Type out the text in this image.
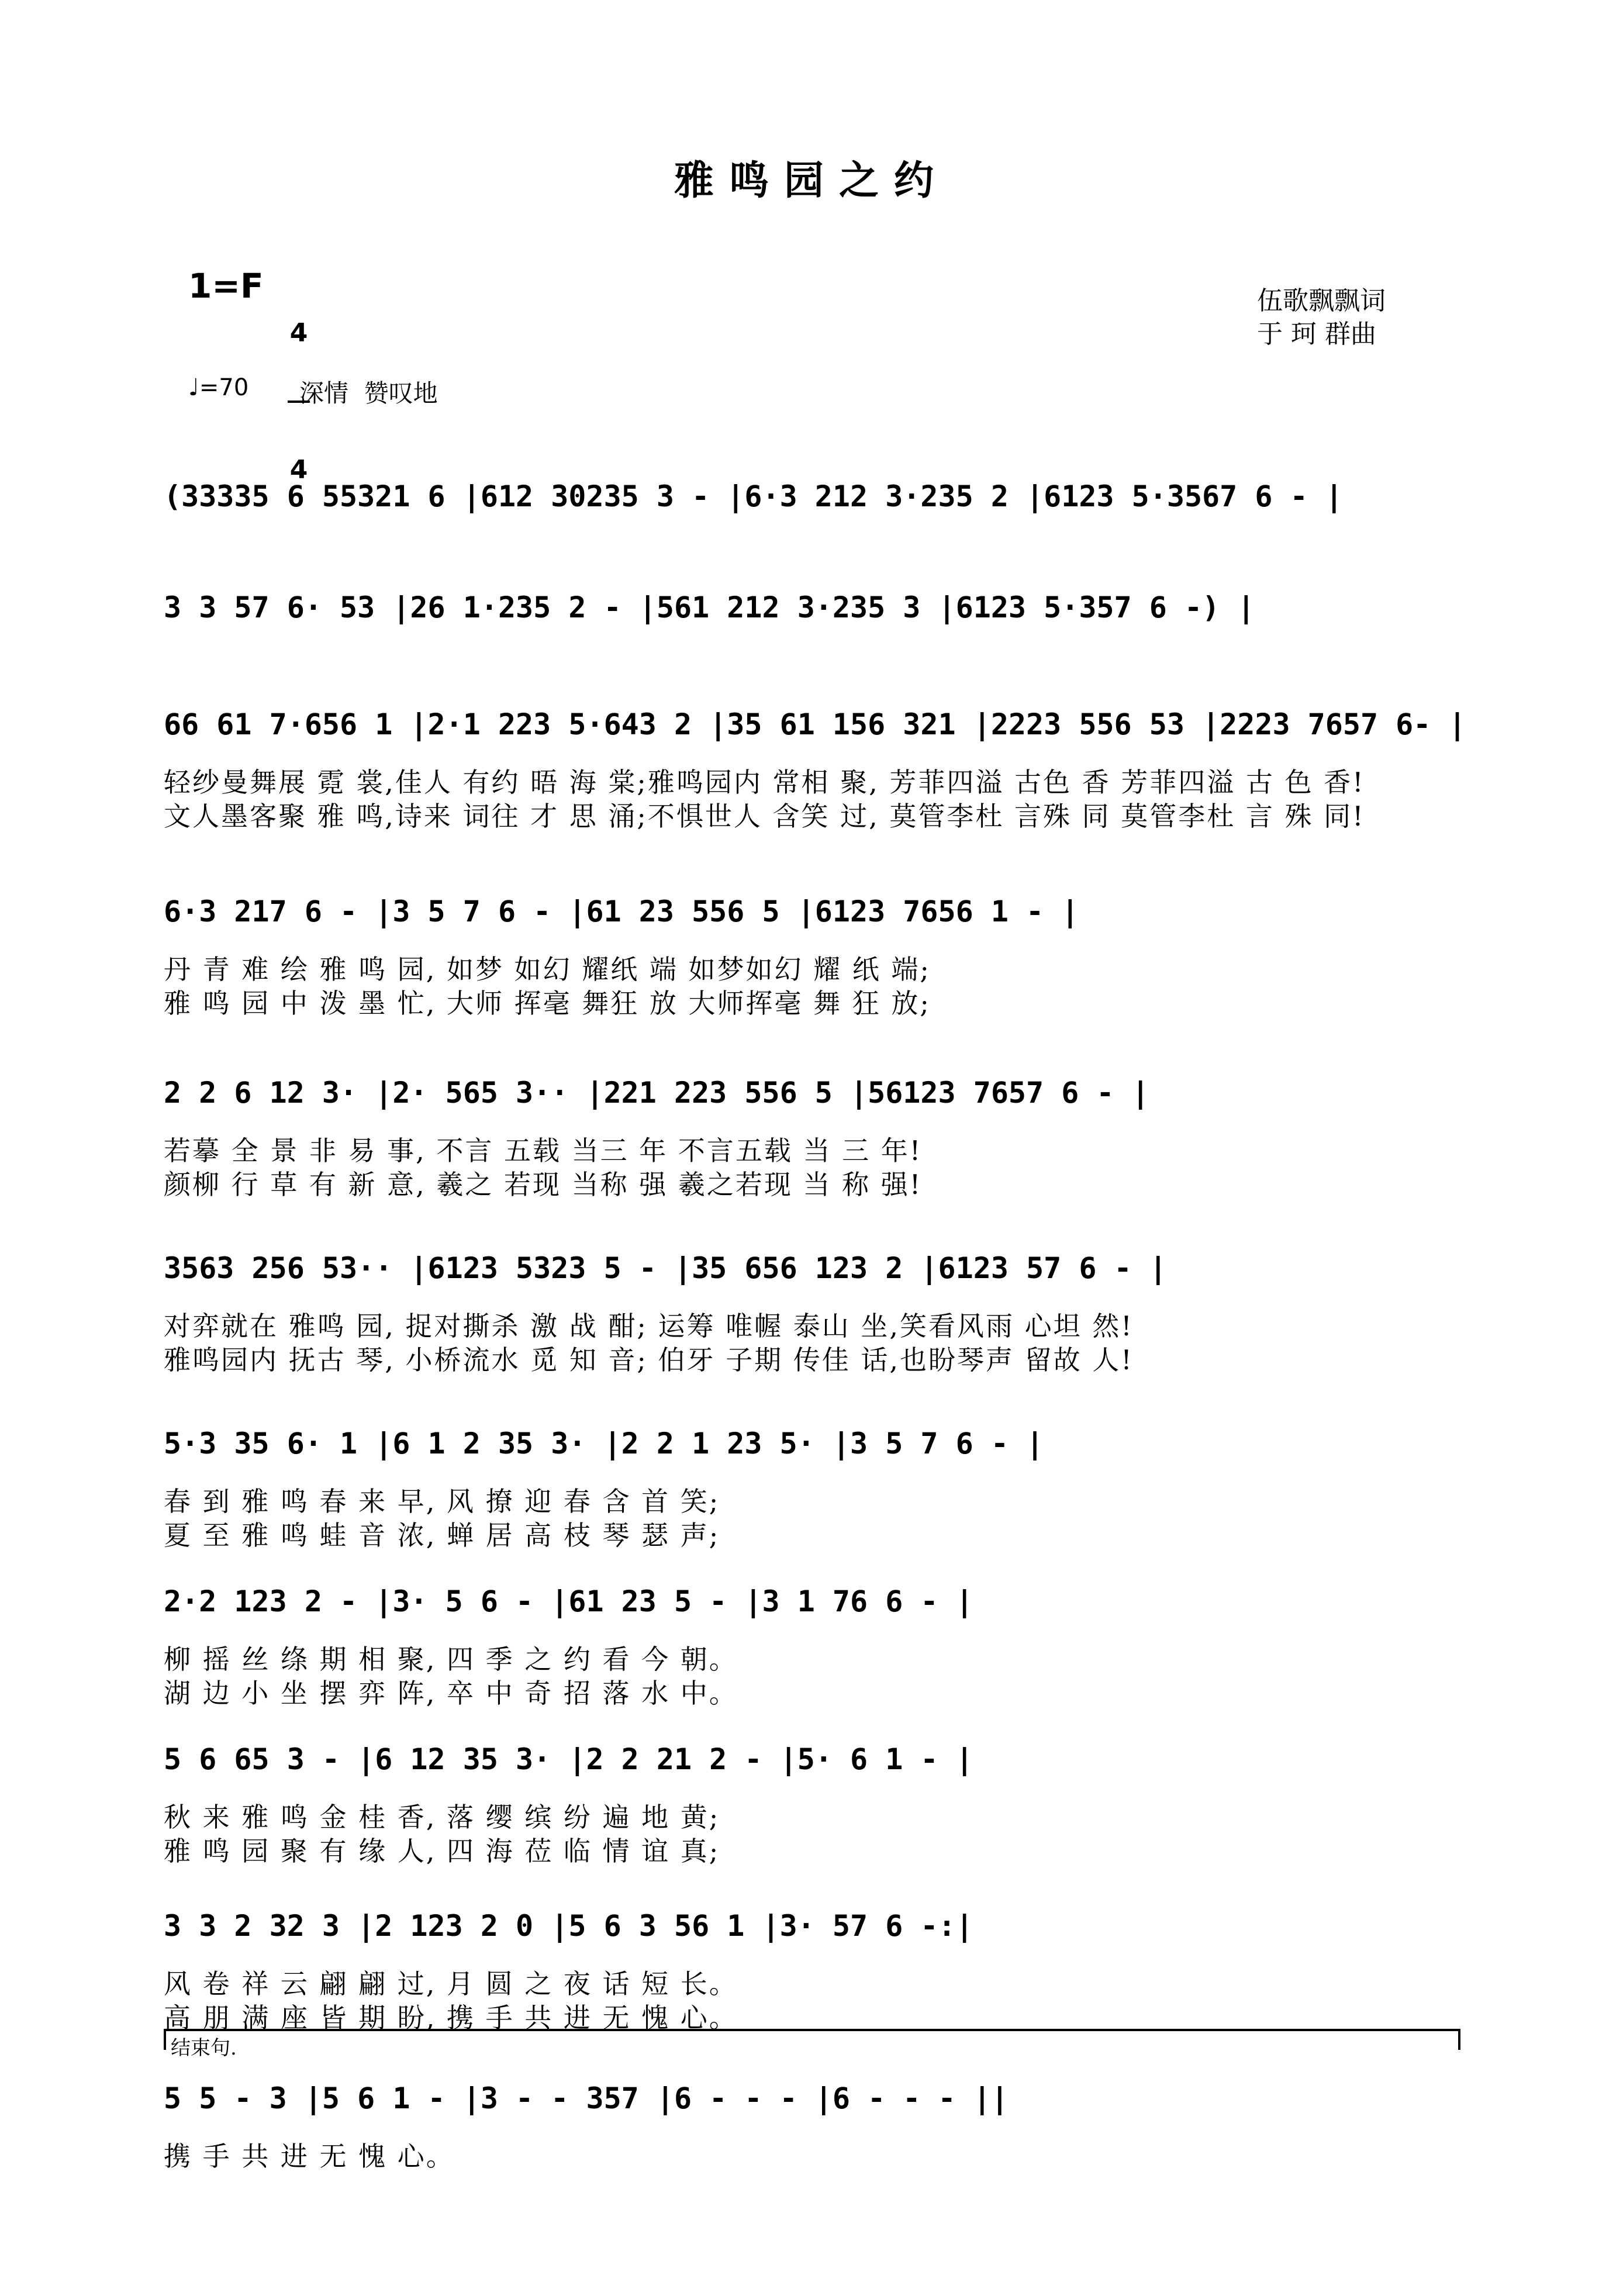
雅鸣园之约
1=F

4

4

伍歌飘飘词
于 珂 群曲
♩=70 深情  赞叹地
(33335 6 55321 6 |612 30235 3 - |6·3 212 3·235 2 |6123 5·3567 6 - |
3 3 57 6· 53 |26 1·235 2 - |561 212 3·235 3 |6123 5·357 6 -) |
66 61 7·656 1 |2·1 223 5·643 2 |35 61 156 321 |2223 556 53 |2223 7657 6- |
轻纱曼舞展 霓 裳,佳人 有约 晤 海 棠;雅鸣园内 常相 聚, 芳菲四溢 古色 香 芳菲四溢 古 色 香!
文人墨客聚 雅 鸣,诗来 词往 才 思 涌;不惧世人 含笑 过, 莫管李杜 言殊 同 莫管李杜 言 殊 同!
6·3 217 6 - |3 5 7 6 - |61 23 556 5 |6123 7656 1 - |
丹 青 难 绘 雅 鸣 园, 如梦 如幻 耀纸 端 如梦如幻 耀 纸 端;
雅 鸣 园 中 泼 墨 忙, 大师 挥毫 舞狂 放 大师挥毫 舞 狂 放;
2 2 6 12 3· |2· 565 3·· |221 223 556 5 |56123 7657 6 - |
若摹 全 景 非 易 事, 不言 五载 当三 年 不言五载 当 三 年!
颜柳 行 草 有 新 意, 羲之 若现 当称 强 羲之若现 当 称 强!
3563 256 53·· |6123 5323 5 - |35 656 123 2 |6123 57 6 - |
对弈就在 雅鸣 园, 捉对撕杀 激 战 酣; 运筹 唯幄 泰山 坐,笑看风雨 心坦 然!
雅鸣园内 抚古 琴, 小桥流水 觅 知 音; 伯牙 子期 传佳 话,也盼琴声 留故 人!
5·3 35 6· 1 |6 1 2 35 3· |2 2 1 23 5· |3 5 7 6 - |
春 到 雅 鸣 春 来 早, 风 撩 迎 春 含 首 笑;
夏 至 雅 鸣 蛙 音 浓, 蝉 居 高 枝 琴 瑟 声;
2·2 123 2 - |3· 5 6 - |61 23 5 - |3 1 76 6 - |
柳 摇 丝 绦 期 相 聚, 四 季 之 约 看 今 朝。
湖 边 小 坐 摆 弈 阵, 卒 中 奇 招 落 水 中。
5 6 65 3 - |6 12 35 3· |2 2 21 2 - |5· 6 1 - |
秋 来 雅 鸣 金 桂 香, 落 缨 缤 纷 遍 地 黄;
雅 鸣 园 聚 有 缘 人, 四 海 莅 临 情 谊 真;
3 3 2 32 3 |2 123 2 0 |5 6 3 56 1 |3· 57 6 -:|
风 卷 祥 云 翩 翩 过, 月 圆 之 夜 话 短 长。
高 朋 满 座 皆 期 盼, 携 手 共 进 无 愧 心。
结束句.
5 5 - 3 |5 6 1 - |3 - - 357 |6 - - - |6 - - - ||
携 手 共 进 无 愧 心。
